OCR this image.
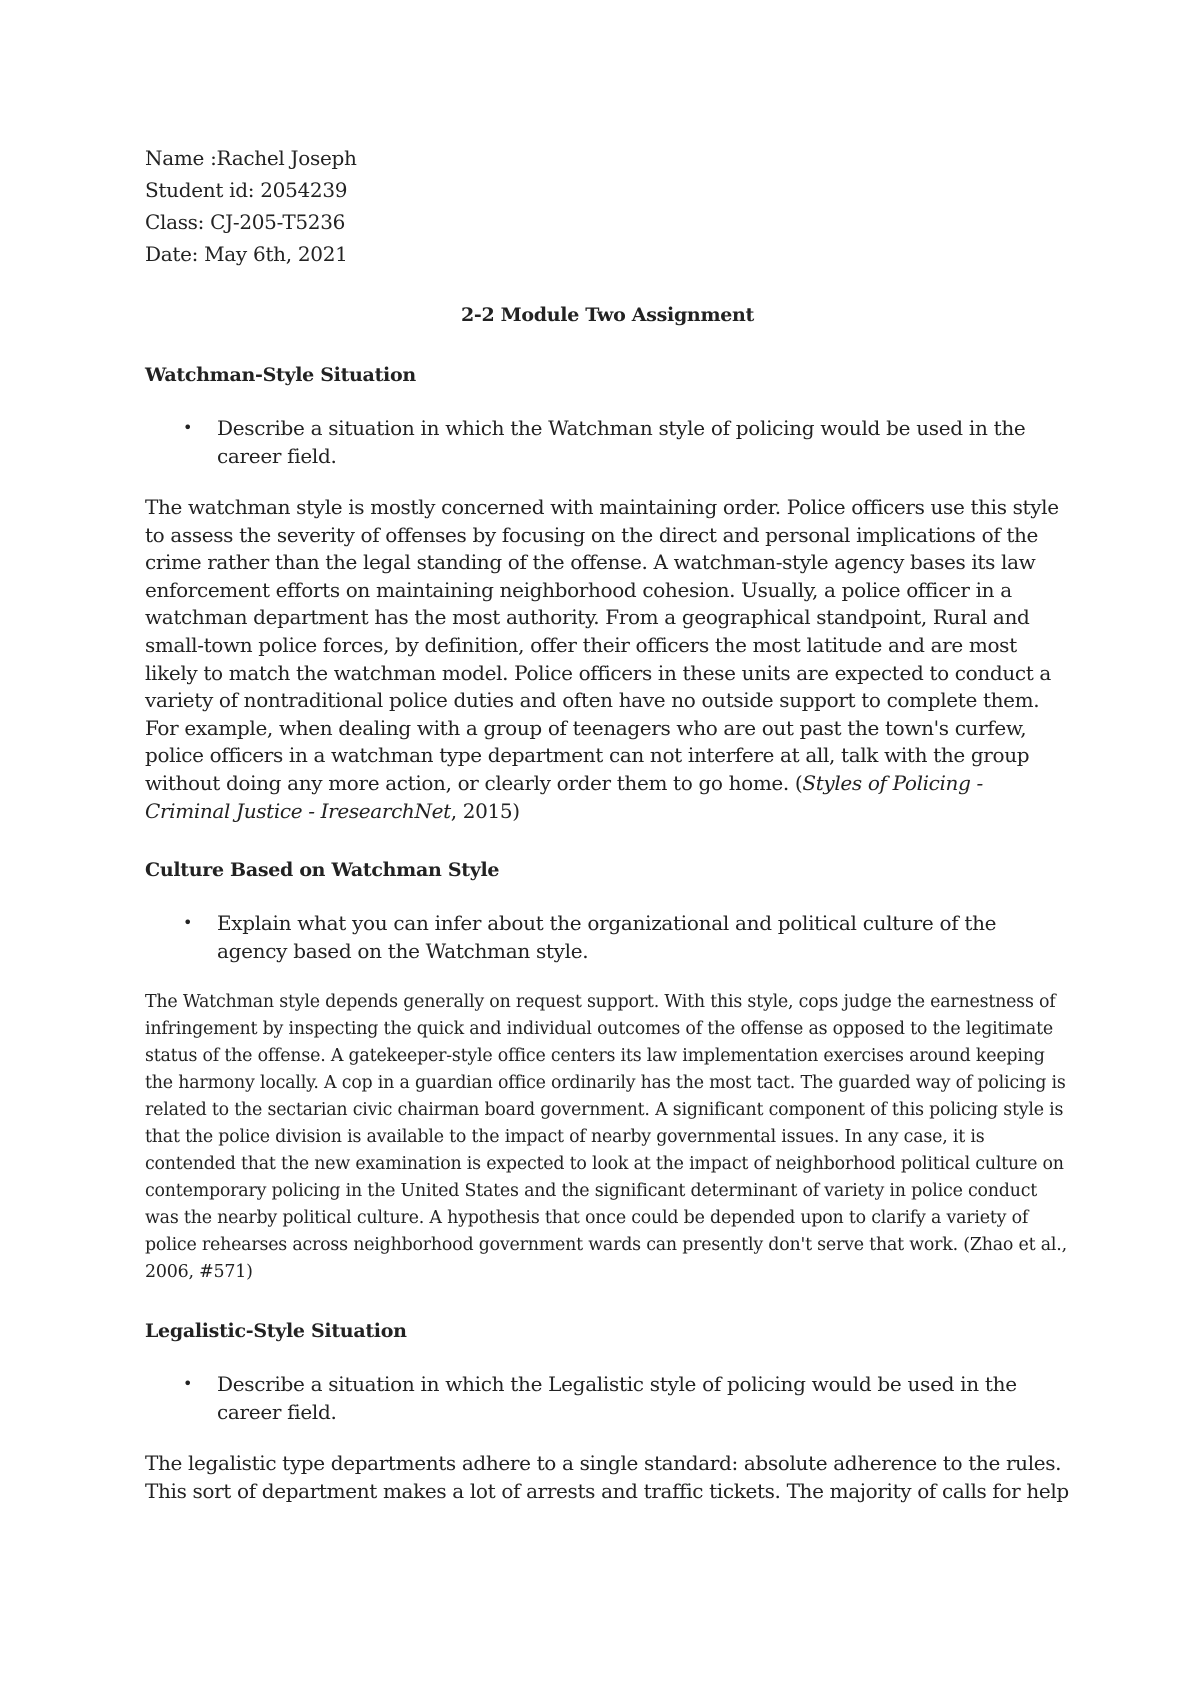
Name :Rachel Joseph

Student id: 2054239

Class: CJ-205-T5236

Date: May 6th, 2021

2-2 Module Two Assignment
Watchman-Style Situation
•	Describe a situation in which the Watchman style of policing would be used in the career field.

The watchman style is mostly concerned with maintaining order. Police officers use this style to assess the severity of offenses by focusing on the direct and personal implications of the crime rather than the legal standing of the offense. A watchman-style agency bases its law enforcement efforts on maintaining neighborhood cohesion. Usually, a police officer in a watchman department has the most authority. From a geographical standpoint, Rural and small-town police forces, by definition, offer their officers the most latitude and are most likely to match the watchman model. Police officers in these units are expected to conduct a variety of nontraditional police duties and often have no outside support to complete them. For example, when dealing with a group of teenagers who are out past the town's curfew, police officers in a watchman type department can not interfere at all, talk with the group without doing any more action, or clearly order them to go home. (Styles of Policing - Criminal Justice - IresearchNet, 2015)

Culture Based on Watchman Style
•	Explain what you can infer about the organizational and political culture of the agency based on the Watchman style.

The Watchman style depends generally on request support. With this style, cops judge the earnestness of infringement by inspecting the quick and individual outcomes of the offense as opposed to the legitimate status of the offense. A gatekeeper-style office centers its law implementation exercises around keeping the harmony locally. A cop in a guardian office ordinarily has the most tact. The guarded way of policing is related to the sectarian civic chairman board government. A significant component of this policing style is that the police division is available to the impact of nearby governmental issues. In any case, it is contended that the new examination is expected to look at the impact of neighborhood political culture on contemporary policing in the United States and the significant determinant of variety in police conduct was the nearby political culture. A hypothesis that once could be depended upon to clarify a variety of police rehearses across neighborhood government wards can presently don't serve that work. (Zhao et al., 2006, #571)

Legalistic-Style Situation
•	Describe a situation in which the Legalistic style of policing would be used in the career field.

The legalistic type departments adhere to a single standard: absolute adherence to the rules. This sort of department makes a lot of arrests and traffic tickets. The majority of calls for help
